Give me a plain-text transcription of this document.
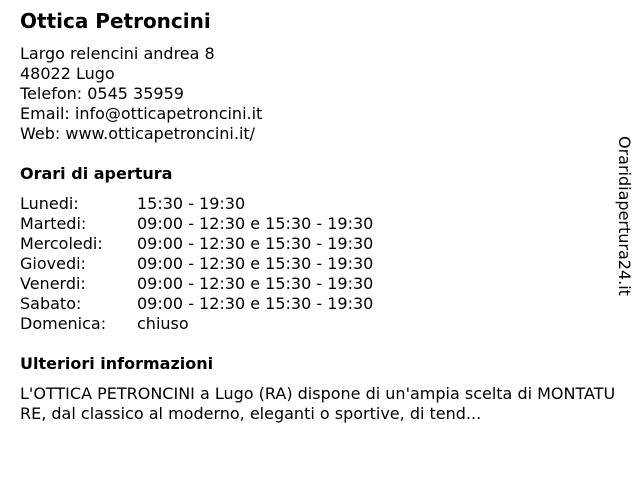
Ottica Petroncini
Largo relencini andrea 8
48022 Lugo
Telefon: 0545 35959
Email: info@otticapetroncini.it
Web: www.otticapetroncini.it/
Orari di apertura
Lunedi:	15:30 - 19:30
Martedi:	09:00 - 12:30 e 15:30 - 19:30
Mercoledi:	09:00 - 12:30 e 15:30 - 19:30
Giovedi:	09:00 - 12:30 e 15:30 - 19:30
Venerdi:	09:00 - 12:30 e 15:30 - 19:30
Sabato:	09:00 - 12:30 e 15:30 - 19:30
Domenica:	chiuso
Ulteriori informazioni
L'OTTICA PETRONCINI a Lugo (RA) dispone di un'ampia scelta di MONTATURE, dal classico al moderno, eleganti o sportive, di tend...
Oraridiapertura24.it
